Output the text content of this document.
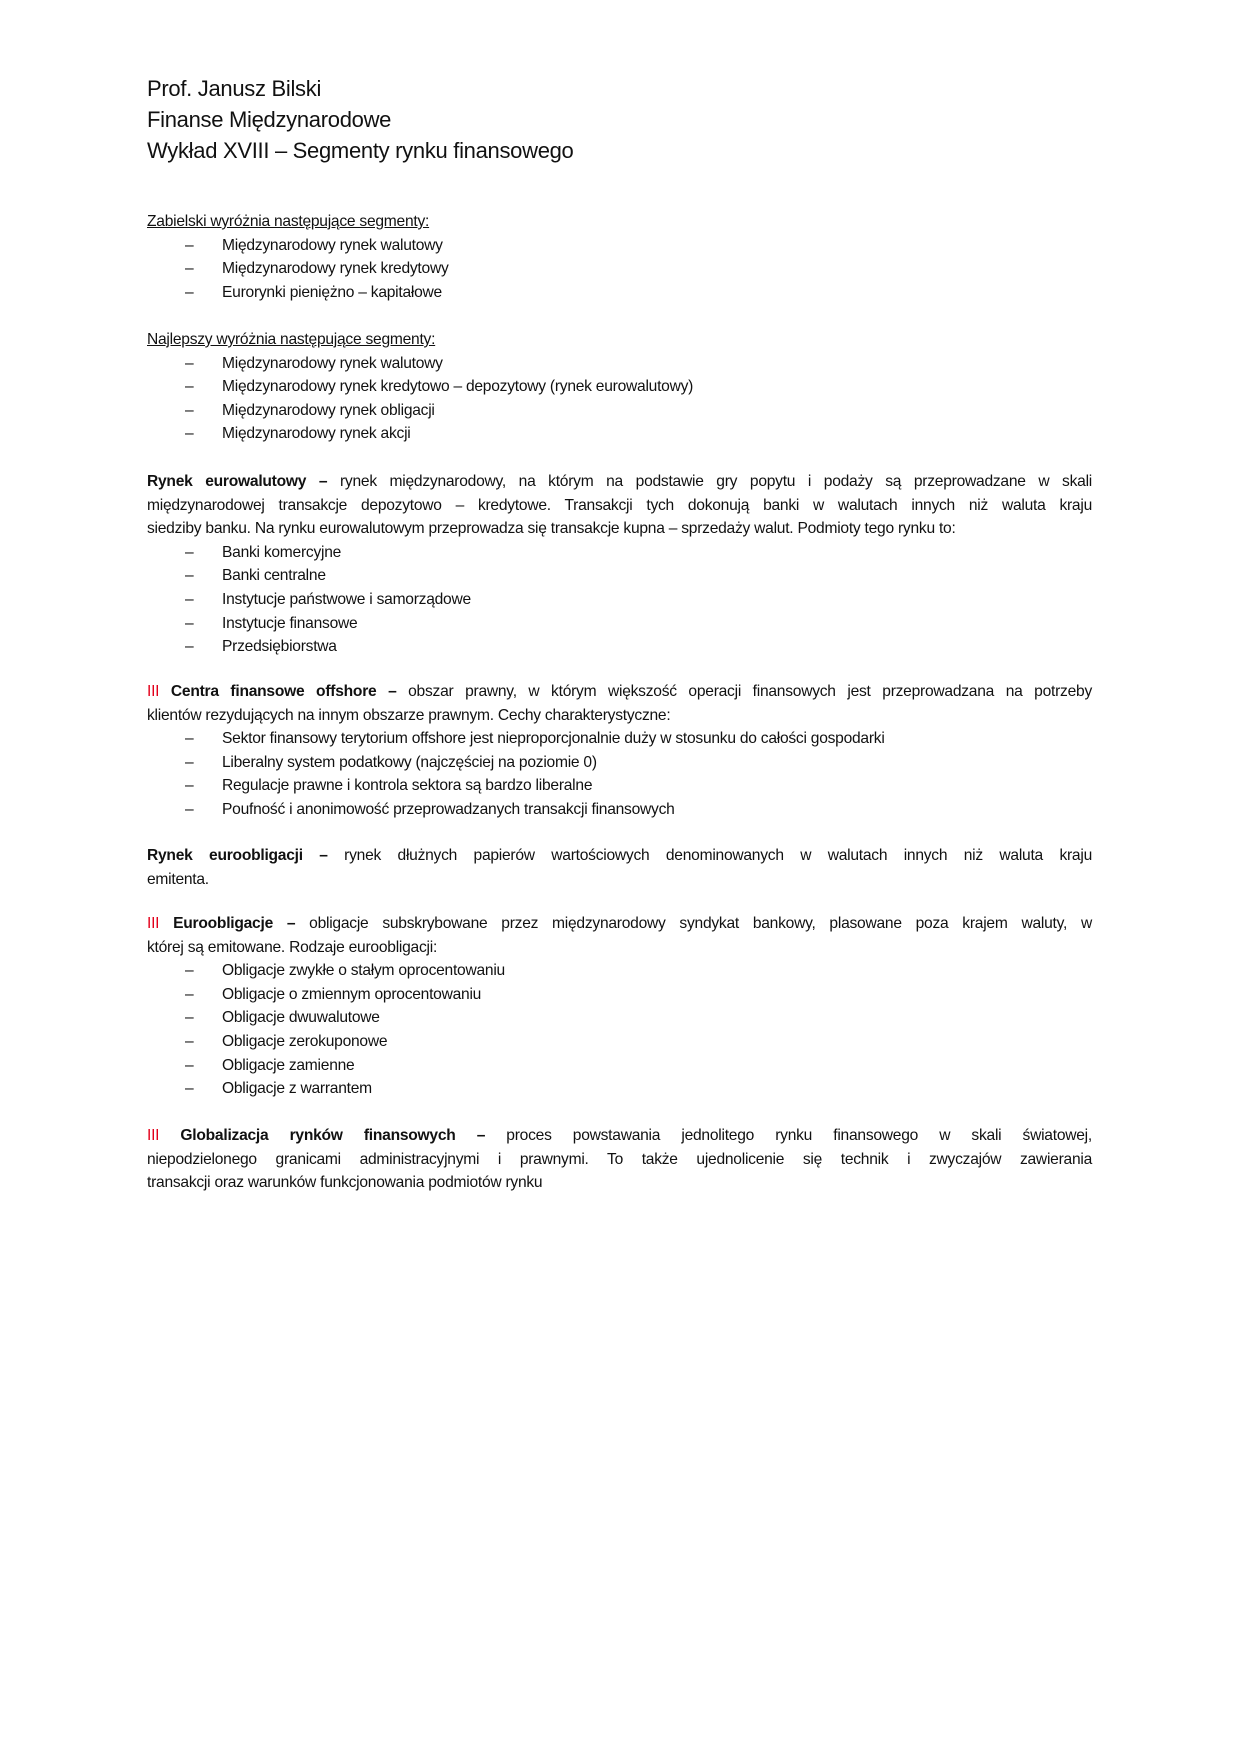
Prof. Janusz Bilski
Finanse Międzynarodowe
Wykład XVIII – Segmenty rynku finansowego
Zabielski wyróżnia następujące segmenty:
– Międzynarodowy rynek walutowy
– Międzynarodowy rynek kredytowy
– Eurorynki pieniężno – kapitałowe
Najlepszy wyróżnia następujące segmenty:
– Międzynarodowy rynek walutowy
– Międzynarodowy rynek kredytowo – depozytowy (rynek eurowalutowy)
– Międzynarodowy rynek obligacji
– Międzynarodowy rynek akcji
Rynek eurowalutowy – rynek międzynarodowy, na którym na podstawie gry popytu i podaży są przeprowadzane w skali
międzynarodowej transakcje depozytowo – kredytowe. Transakcji tych dokonują banki w walutach innych niż waluta kraju
siedziby banku. Na rynku eurowalutowym przeprowadza się transakcje kupna – sprzedaży walut. Podmioty tego rynku to:
– Banki komercyjne
– Banki centralne
– Instytucje państwowe i samorządowe
– Instytucje finansowe
– Przedsiębiorstwa
III Centra finansowe offshore – obszar prawny, w którym większość operacji finansowych jest przeprowadzana na potrzeby
klientów rezydujących na innym obszarze prawnym. Cechy charakterystyczne:
– Sektor finansowy terytorium offshore jest nieproporcjonalnie duży w stosunku do całości gospodarki
– Liberalny system podatkowy (najczęściej na poziomie 0)
– Regulacje prawne i kontrola sektora są bardzo liberalne
– Poufność i anonimowość przeprowadzanych transakcji finansowych
Rynek euroobligacji – rynek dłużnych papierów wartościowych denominowanych w walutach innych niż waluta kraju
emitenta.
III Euroobligacje – obligacje subskrybowane przez międzynarodowy syndykat bankowy, plasowane poza krajem waluty, w
której są emitowane. Rodzaje euroobligacji:
– Obligacje zwykłe o stałym oprocentowaniu
– Obligacje o zmiennym oprocentowaniu
– Obligacje dwuwalutowe
– Obligacje zerokuponowe
– Obligacje zamienne
– Obligacje z warrantem
III Globalizacja rynków finansowych – proces powstawania jednolitego rynku finansowego w skali światowej,
niepodzielonego granicami administracyjnymi i prawnymi. To także ujednolicenie się technik i zwyczajów zawierania
transakcji oraz warunków funkcjonowania podmiotów rynku
